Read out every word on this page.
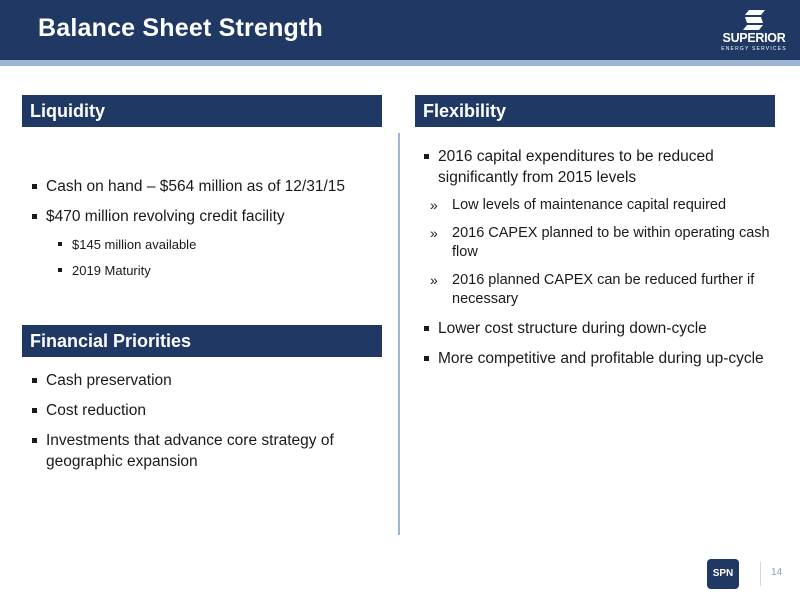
Balance Sheet Strength	SUPERIOR
ENERGY SERVICES
Liquidity
Cash on hand – $564 million as of 12/31/15
$470 million revolving credit facility
$145 million available
2019 Maturity
Financial Priorities
Cash preservation
Cost reduction
Investments that advance core strategy of geographic expansion
Flexibility
2016 capital expenditures to be reduced significantly from 2015 levels
» Low levels of maintenance capital required
» 2016 CAPEX planned to be within operating cash flow
» 2016 planned CAPEX can be reduced further if necessary
Lower cost structure during down-cycle
More competitive and profitable during up-cycle
SPN	14
